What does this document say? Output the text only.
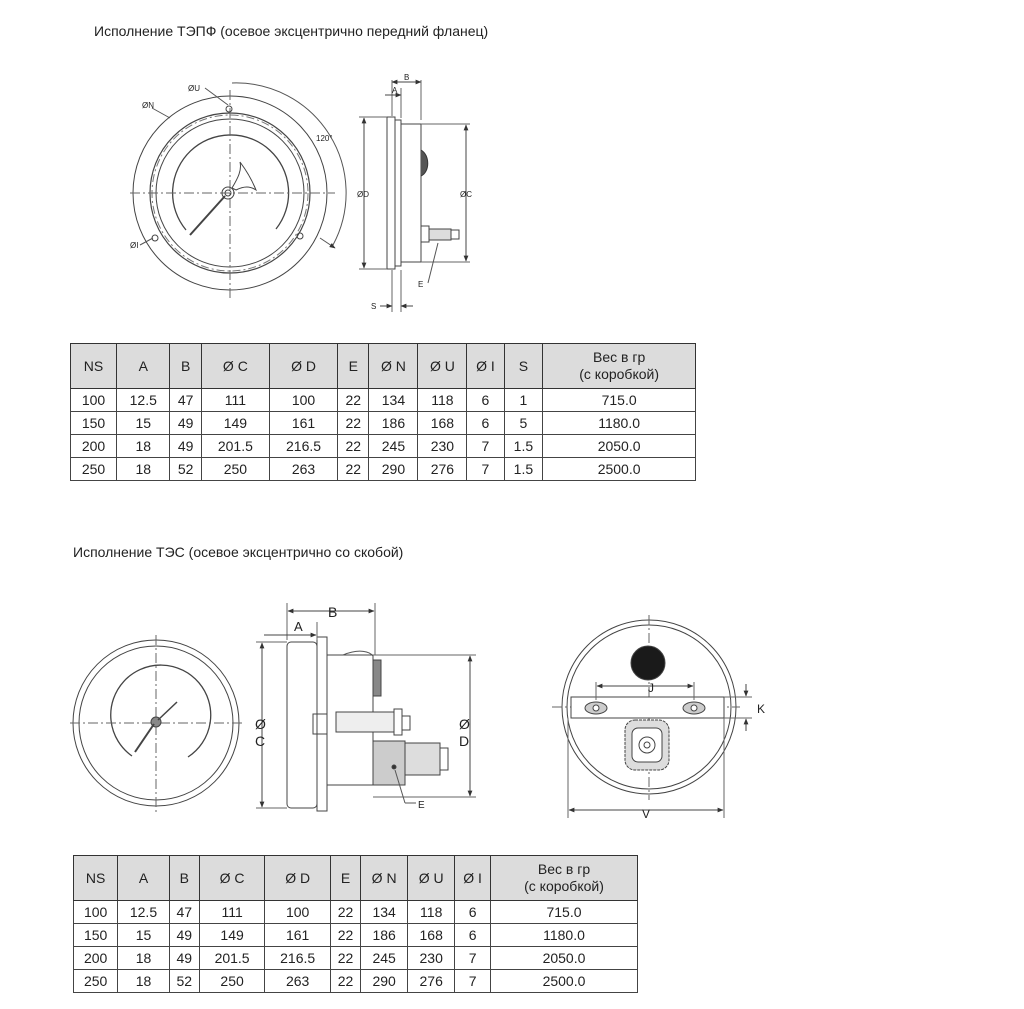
Исполнение ТЭПФ (осевое эксцентрично передний фланец)
Исполнение ТЭС (осевое эксцентрично со скобой)
ØU
ØN
ØI
120°
B
A
ØD	ØC
E
S
B
A
Ø
C
Ø
D
E
J
K
V
NS	A	B	Ø C	Ø D	E	Ø N	Ø U	Ø I	S	Вес в гр
(с коробкой)
100	12.5	47	111	100	22	134	118	6	1	715.0
150	15	49	149	161	22	186	168	6	5	1180.0
200	18	49	201.5	216.5	22	245	230	7	1.5	2050.0
250	18	52	250	263	22	290	276	7	1.5	2500.0
NS	A	B	Ø C	Ø D	E	Ø N	Ø U	Ø I	Вес в гр
(с коробкой)
100	12.5	47	111	100	22	134	118	6	715.0
150	15	49	149	161	22	186	168	6	1180.0
200	18	49	201.5	216.5	22	245	230	7	2050.0
250	18	52	250	263	22	290	276	7	2500.0
